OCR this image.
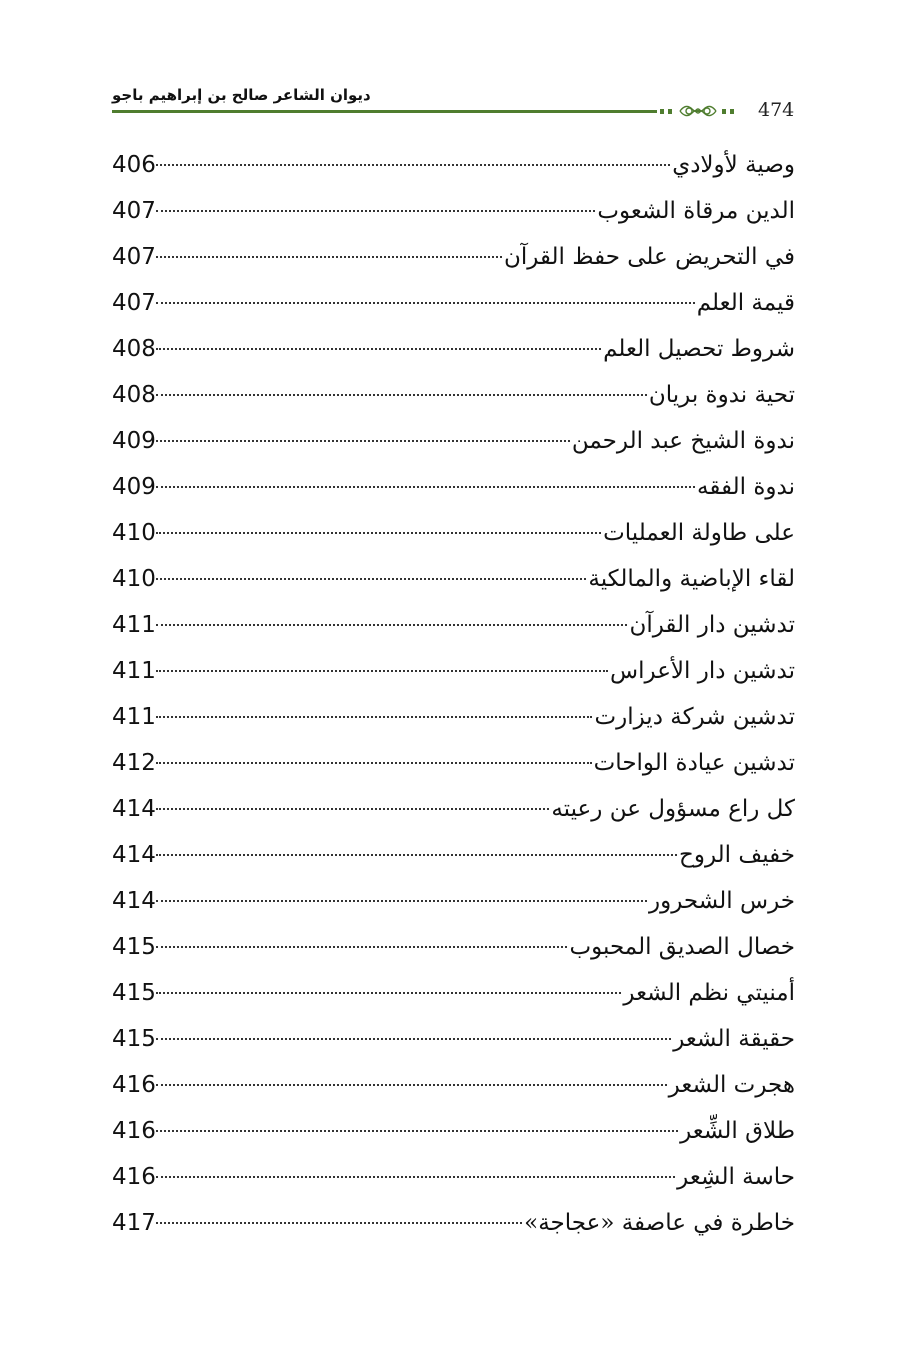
ديوان الشاعر صالح بن إبراهيم باجو
474
وصية لأولادي
406
الدين مرقاة الشعوب
407
في التحريض على حفظ القرآن
407
قيمة العلم
407
شروط تحصيل العلم
408
تحية ندوة بريان
408
ندوة الشيخ عبد الرحمن
409
ندوة الفقه
409
على طاولة العمليات
410
لقاء الإباضية والمالكية
410
تدشين دار القرآن
411
تدشين دار الأعراس
411
تدشين شركة ديزارت
411
تدشين عيادة الواحات
412
كل راع مسؤول عن رعيته
414
خفيف الروح
414
خرس الشحرور
414
خصال الصديق المحبوب
415
أمنيتي نظم الشعر
415
حقيقة الشعر
415
هجرت الشعر
416
طلاق الشِّعر
416
حاسة الشِعر
416
خاطرة في عاصفة «عجاجة»
417
